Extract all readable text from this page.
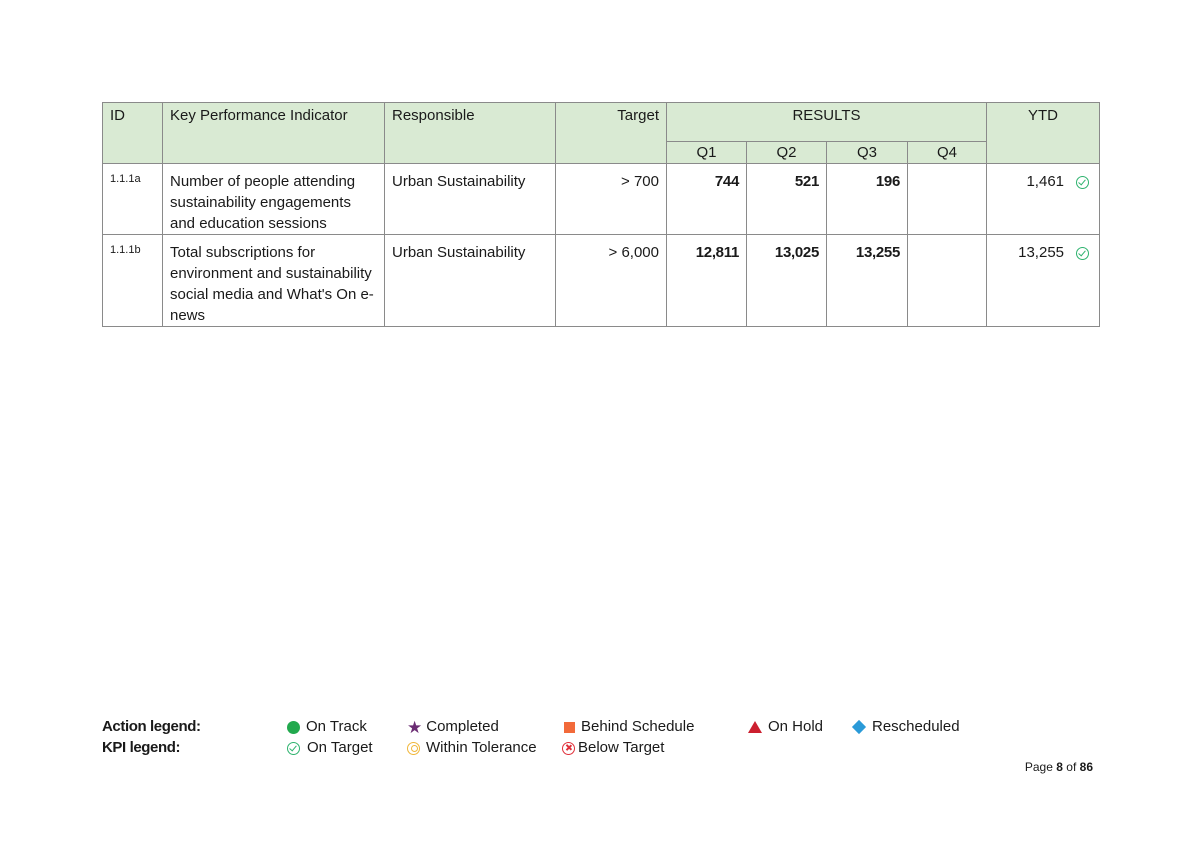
ID	Key Performance Indicator	Responsible	Target	RESULTS				YTD

				Q1	Q2	Q3	Q4	

1.1.1a	Number of people attending sustainability engagements and education sessions	Urban Sustainability	> 700	744	521	196		1,461

1.1.1b	Total subscriptions for environment and sustainability social media and What's On e-news	Urban Sustainability	> 6,000	12,811	13,025	13,255		13,255
Action legend:
KPI legend:
On Track ★ Completed	Behind Schedule	On Hold	Rescheduled
On Target	Within Tolerance	Below Target
Page 8 of 86
